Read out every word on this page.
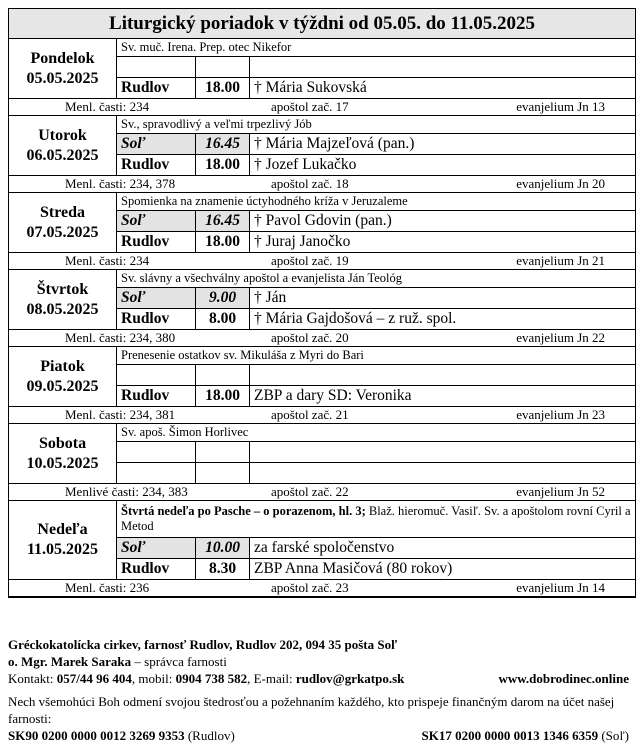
Liturgický poriadok v týždni od 05.05. do 11.05.2025			

Pondelok
05.05.2025	Sv. muč. Irena. Prep. otec Nikefor		

	Rudlov	18.00	† Mária Sukovská

Menl. časti: 234 apoštol zač. 17 evanjelium Jn 13			

Utorok
06.05.2025	Sv., spravodlivý a veľmi trpezlivý Jób		
	Soľ	16.45	† Mária Majzeľová (pan.)
	Rudlov	18.00	† Jozef Lukačko

Menl. časti: 234, 378 apoštol zač. 18 evanjelium Jn 20			

Streda
07.05.2025	Spomienka na znamenie úctyhodného kríža v Jeruzaleme		
	Soľ	16.45	† Pavol Gdovin (pan.)
	Rudlov	18.00	† Juraj Janočko

Menl. časti: 234 apoštol zač. 19 evanjelium Jn 21			

Štvrtok
08.05.2025	Sv. slávny a všechválny apoštol a evanjelista Ján Teológ		
	Soľ	9.00	† Ján
	Rudlov	8.00	† Mária Gajdošová – z ruž. spol.

Menl. časti: 234, 380 apoštol zač. 20 evanjelium Jn 22			

Piatok
09.05.2025	Prenesenie ostatkov sv. Mikuláša z Myri do Bari		

	Rudlov	18.00	ZBP a dary SD: Veronika

Menl. časti: 234, 381 apoštol zač. 21 evanjelium Jn 23			

Sobota
10.05.2025	Sv. apoš. Šimon Horlivec		

Menlivé časti: 234, 383 apoštol zač. 22 evanjelium Jn 52			

Nedeľa
11.05.2025	Štvrtá nedeľa po Pasche – o porazenom, hl. 3; Blaž. hieromuč. Vasiľ. Sv. a apoštolom rovní Cyril a Metod		
	Soľ	10.00	za farské spoločenstvo
	Rudlov	8.30	ZBP Anna Masičová (80 rokov)

Menl. časti: 236 apoštol zač. 23 evanjelium Jn 14			
Gréckokatolícka cirkev, farnosť Rudlov, Rudlov 202, 094 35 pošta Soľ
o. Mgr. Marek Saraka – správca farnosti
Kontakt: 057/44 96 404, mobil: 0904 738 582, E-mail: rudlov@grkatpo.sk	www.dobrodinec.online
Nech všemohúci Boh odmení svojou štedrosťou a požehnaním každého, kto prispeje finančným darom na účet našej farnosti:
SK90 0200 0000 0012 3269 9353 (Rudlov)	SK17 0200 0000 0013 1346 6359 (Soľ)
